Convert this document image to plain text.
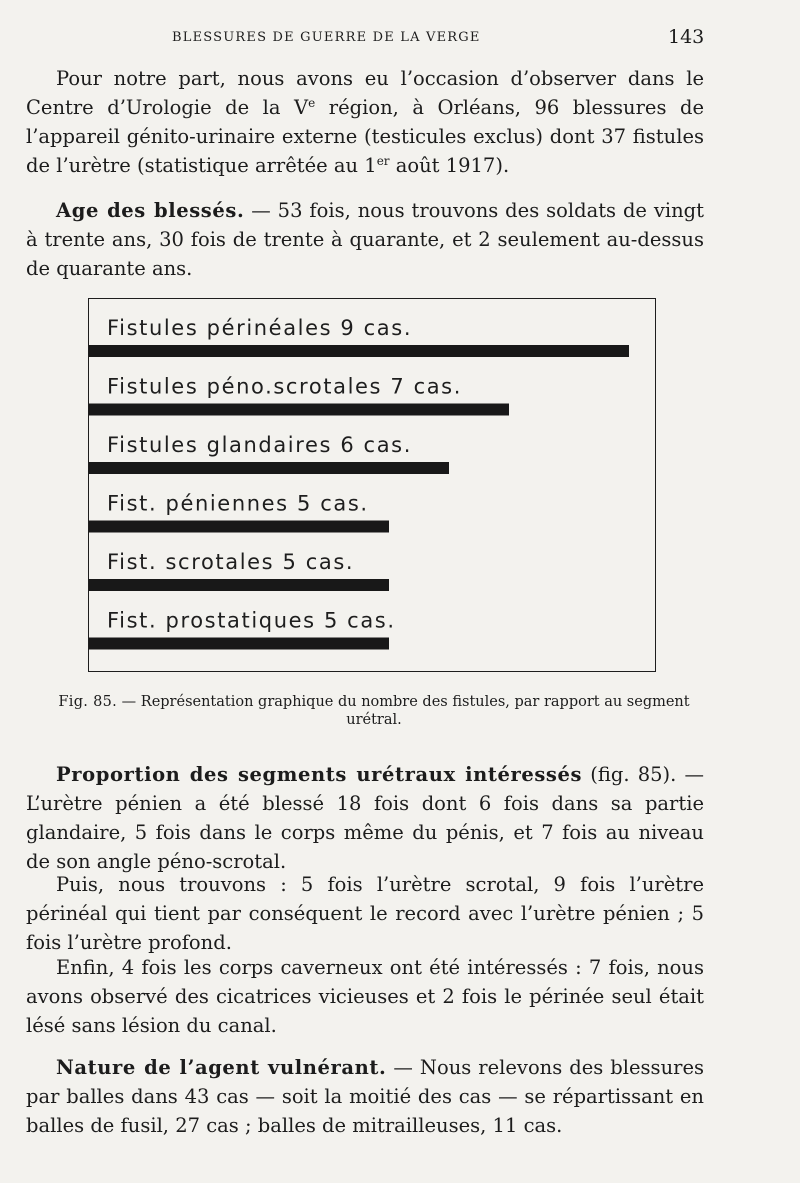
BLESSURES DE GUERRE DE LA VERGE	143

Pour notre part, nous avons eu l’occasion d’observer dans le Centre d’Urologie de la Ve région, à Orléans, 96 blessures de l’appareil génito-urinaire externe (testicules exclus) dont 37 fistules de l’urètre (statistique arrêtée au 1er août 1917).

Age des blessés. — 53 fois, nous trouvons des soldats de vingt à trente ans, 30 fois de trente à quarante, et 2 seulement au-dessus de quarante ans.

Fistules périnéales 9 cas.
Fistules péno.scrotales 7 cas.
Fistules glandaires 6 cas.
Fist. péniennes 5 cas.
Fist. scrotales 5 cas.
Fist. prostatiques 5 cas.

Fig. 85. — Représentation graphique du nombre des fistules, par rapport au segment urétral.

Proportion des segments urétraux intéressés (fig. 85). — L’urètre pénien a été blessé 18 fois dont 6 fois dans sa partie glandaire, 5 fois dans le corps même du pénis, et 7 fois au niveau de son angle péno-scrotal.

Puis, nous trouvons : 5 fois l’urètre scrotal, 9 fois l’urètre périnéal qui tient par conséquent le record avec l’urètre pénien ; 5 fois l’urètre profond.

Enfin, 4 fois les corps caverneux ont été intéressés : 7 fois, nous avons observé des cicatrices vicieuses et 2 fois le périnée seul était lésé sans lésion du canal.

Nature de l’agent vulnérant. — Nous relevons des blessures par balles dans 43 cas — soit la moitié des cas — se répartissant en balles de fusil, 27 cas ; balles de mitrailleuses, 11 cas.
